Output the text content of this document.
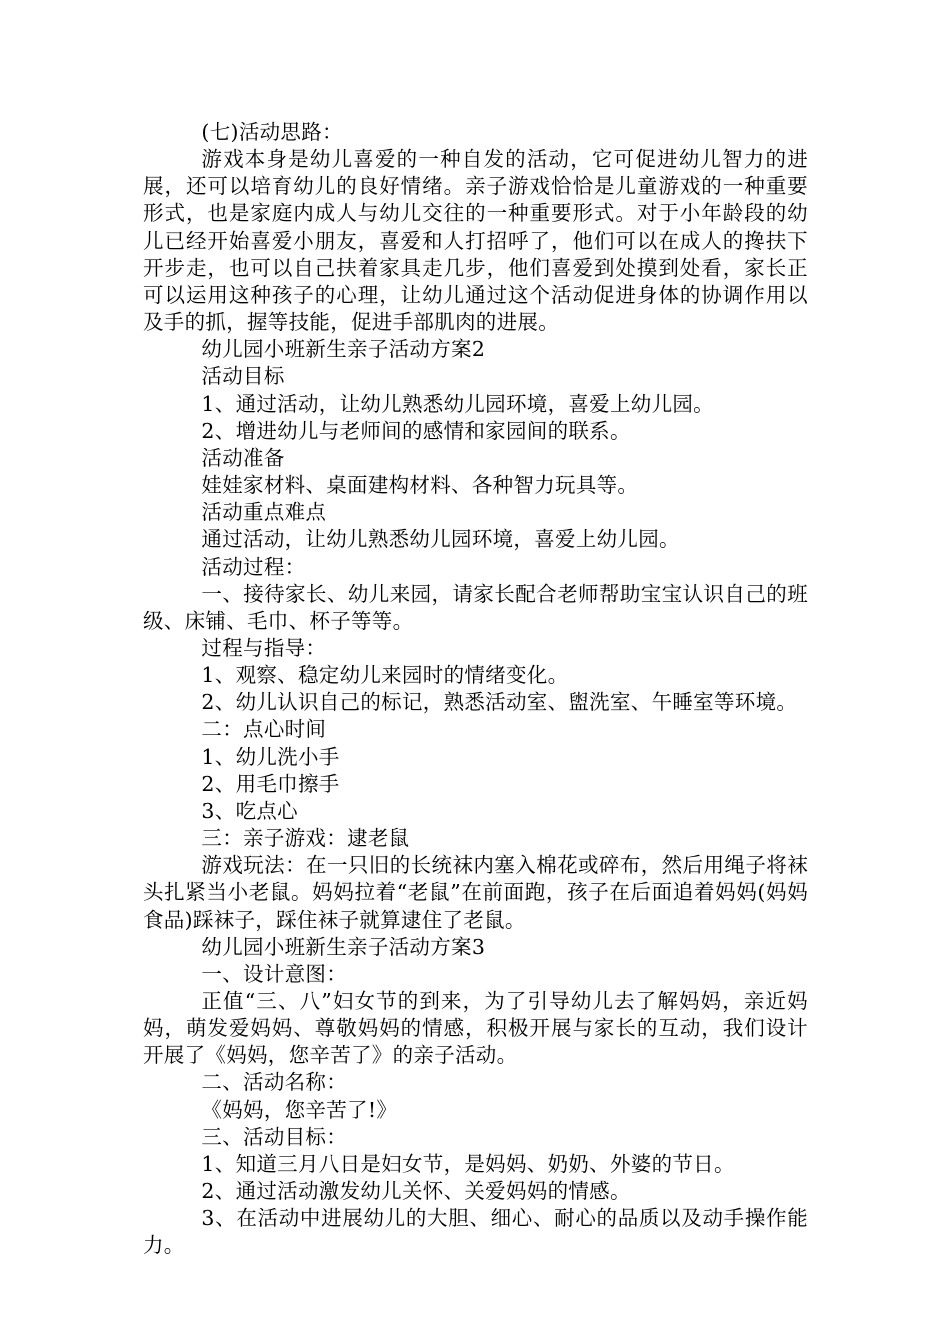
(七)活动思路：

游戏本身是幼儿喜爱的一种自发的活动，它可促进幼儿智力的进展，还可以培育幼儿的良好情绪。亲子游戏恰恰是儿童游戏的一种重要形式，也是家庭内成人与幼儿交往的一种重要形式。对于小年龄段的幼儿已经开始喜爱小朋友，喜爱和人打招呼了，他们可以在成人的搀扶下开步走，也可以自己扶着家具走几步，他们喜爱到处摸到处看，家长正可以运用这种孩子的心理，让幼儿通过这个活动促进身体的协调作用以及手的抓，握等技能，促进手部肌肉的进展。

幼儿园小班新生亲子活动方案2

活动目标

1、通过活动，让幼儿熟悉幼儿园环境，喜爱上幼儿园。

2、增进幼儿与老师间的感情和家园间的联系。

活动准备

娃娃家材料、桌面建构材料、各种智力玩具等。

活动重点难点

通过活动，让幼儿熟悉幼儿园环境，喜爱上幼儿园。

活动过程：

一、接待家长、幼儿来园，请家长配合老师帮助宝宝认识自己的班级、床铺、毛巾、杯子等等。

过程与指导：

1、观察、稳定幼儿来园时的情绪变化。

2、幼儿认识自己的标记，熟悉活动室、盥洗室、午睡室等环境。

二：点心时间

1、幼儿洗小手

2、用毛巾擦手

3、吃点心

三：亲子游戏：逮老鼠

游戏玩法：在一只旧的长统袜内塞入棉花或碎布，然后用绳子将袜头扎紧当小老鼠。妈妈拉着“老鼠”在前面跑，孩子在后面追着妈妈(妈妈食品)踩袜子，踩住袜子就算逮住了老鼠。

幼儿园小班新生亲子活动方案3

一、设计意图：

正值“三、八”妇女节的到来，为了引导幼儿去了解妈妈，亲近妈妈，萌发爱妈妈、尊敬妈妈的情感，积极开展与家长的互动，我们设计开展了《妈妈，您辛苦了》的亲子活动。

二、活动名称：

《妈妈，您辛苦了!》

三、活动目标：

1、知道三月八日是妇女节，是妈妈、奶奶、外婆的节日。

2、通过活动激发幼儿关怀、关爱妈妈的情感。

3、在活动中进展幼儿的大胆、细心、耐心的品质以及动手操作能力。
